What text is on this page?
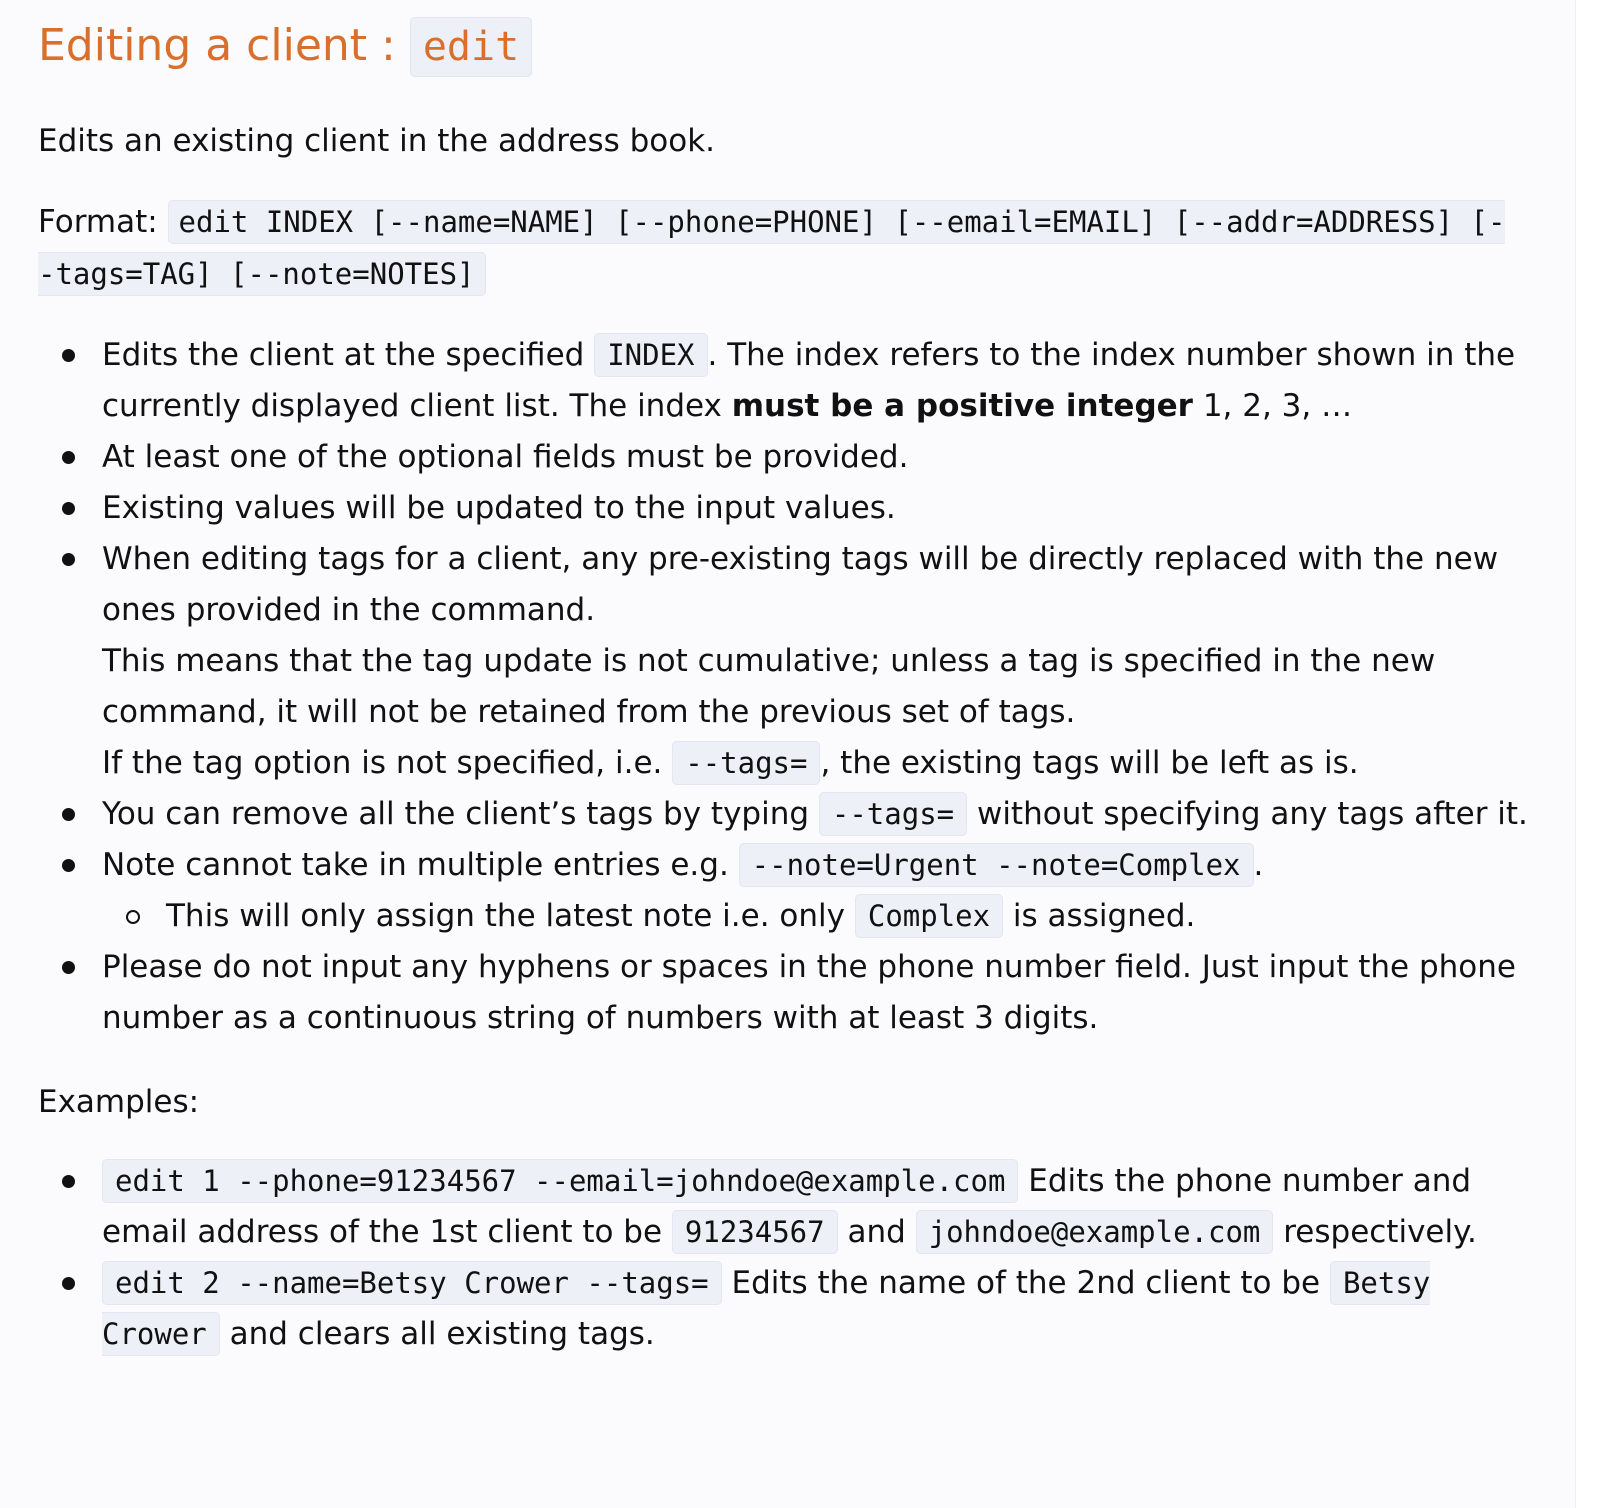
Editing a client : edit

Edits an existing client in the address book.

Format: edit INDEX [--name=NAME] [--phone=PHONE] [--email=EMAIL] [--addr=ADDRESS] [--tags=TAG] [--note=NOTES]

Edits the client at the specified INDEX . The index refers to the index number shown in the currently displayed client list. The index must be a positive integer 1, 2, 3, …
At least one of the optional fields must be provided.
Existing values will be updated to the input values.
When editing tags for a client, any pre-existing tags will be directly replaced with the new ones provided in the command.
This means that the tag update is not cumulative; unless a tag is specified in the new command, it will not be retained from the previous set of tags.
If the tag option is not specified, i.e. --tags= , the existing tags will be left as is.
You can remove all the client’s tags by typing --tags= without specifying any tags after it.
Note cannot take in multiple entries e.g. --note=Urgent --note=Complex .
This will only assign the latest note i.e. only Complex is assigned.
Please do not input any hyphens or spaces in the phone number field. Just input the phone number as a continuous string of numbers with at least 3 digits.

Examples:

edit 1 --phone=91234567 --email=johndoe@example.com Edits the phone number and email address of the 1st client to be 91234567 and johndoe@example.com respectively.
edit 2 --name=Betsy Crower --tags= Edits the name of the 2nd client to be Betsy Crower and clears all existing tags.
